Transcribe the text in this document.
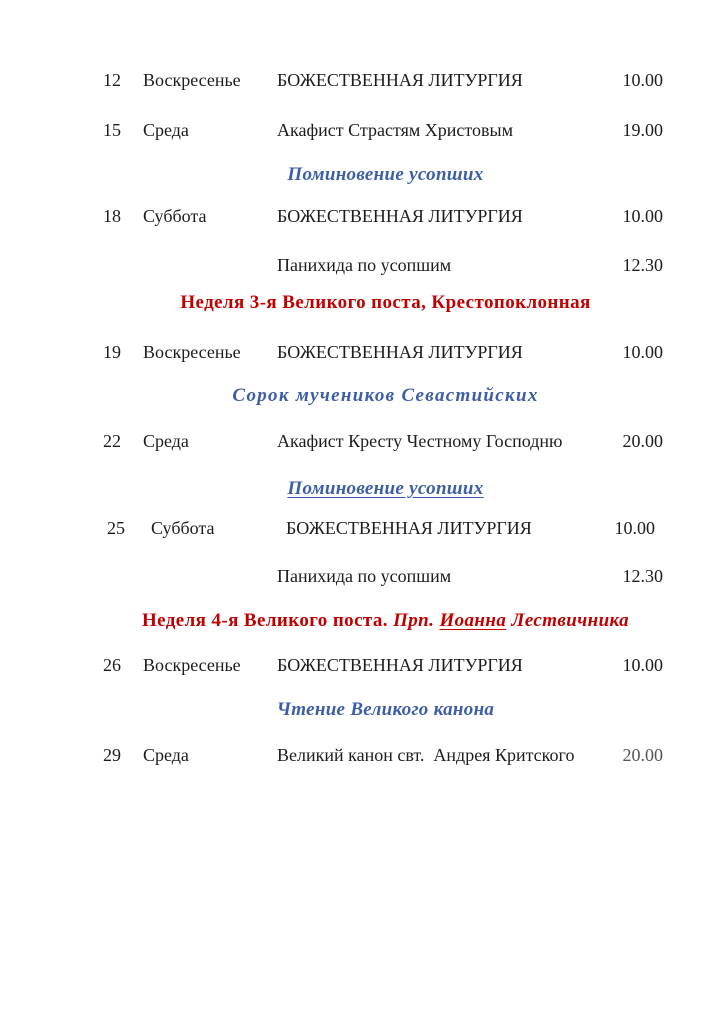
12 Воскресенье БОЖЕСТВЕННАЯ ЛИТУРГИЯ	10.00
15 Среда	Акафист Страстям Христовым	19.00
Поминовение усопших
18 Суббота	БОЖЕСТВЕННАЯ ЛИТУРГИЯ	10.00
Панихида по усопшим	12.30
Неделя 3-я Великого поста, Крестопоклонная
19 Воскресенье БОЖЕСТВЕННАЯ ЛИТУРГИЯ	10.00
Сорок мучеников Севастийских
22 Среда	Акафист Кресту Честному Господню	20.00
Поминовение усопших
25 Суббота	БОЖЕСТВЕННАЯ ЛИТУРГИЯ	10.00
Панихида по усопшим	12.30
Неделя 4-я Великого поста. Прп. Иоанна Лествичника
26 Воскресенье БОЖЕСТВЕННАЯ ЛИТУРГИЯ	10.00
Чтение Великого канона
29 Среда	Великий канон свт.  Андрея Критского	20.00
